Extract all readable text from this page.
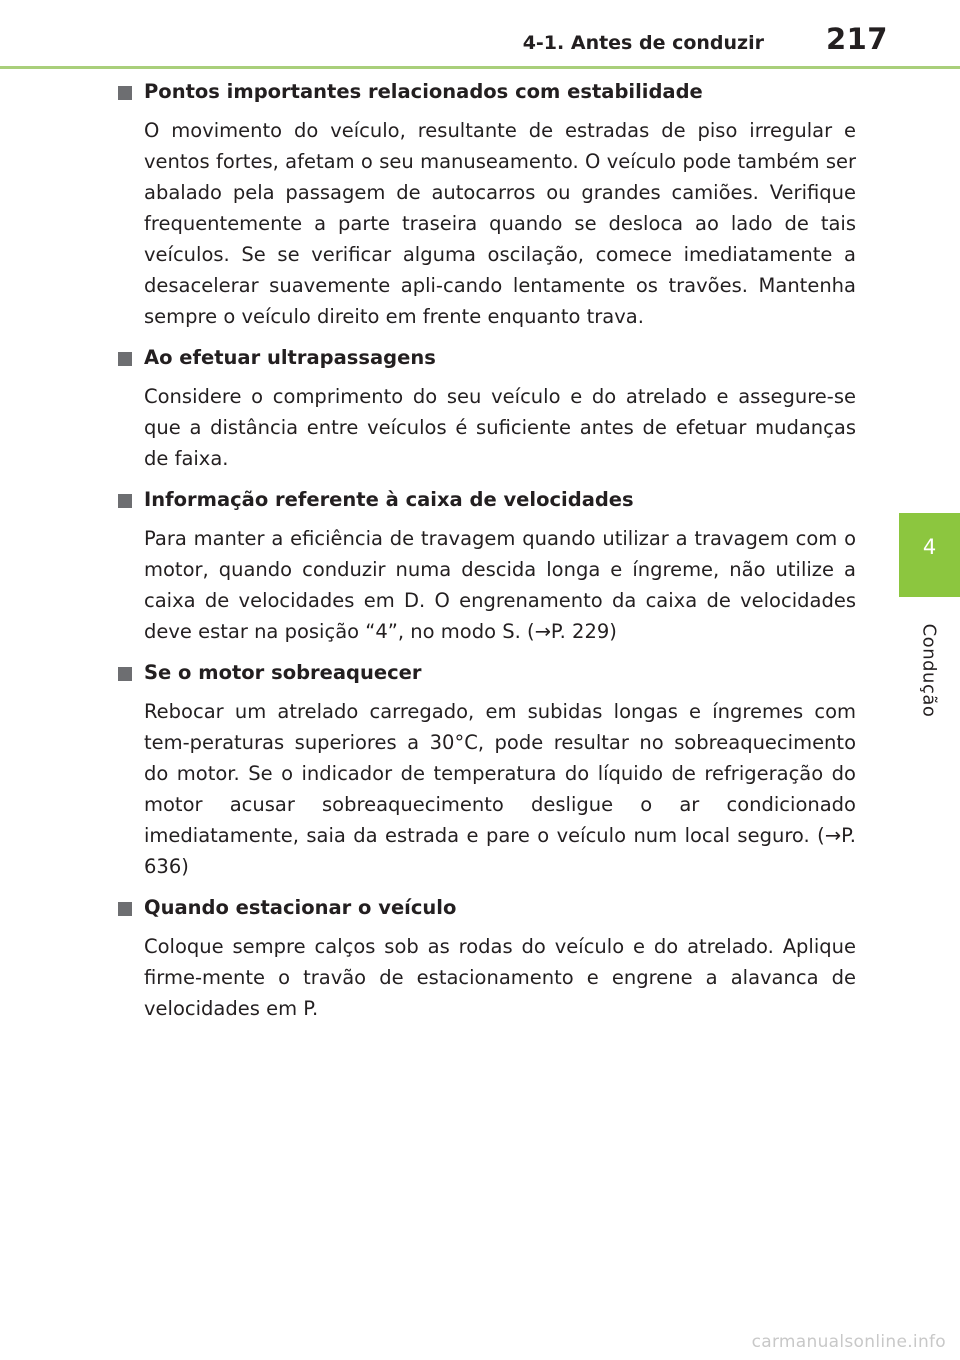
4-1. Antes de conduzir 217
4
Condução
Pontos importantes relacionados com estabilidade
O movimento do veículo, resultante de estradas de piso irregular e ventos fortes, afetam o seu manuseamento. O veículo pode também ser abalado pela passagem de autocarros ou grandes camiões. Verifique frequentemente a parte traseira quando se desloca ao lado de tais veículos. Se se verificar alguma oscilação, comece imediatamente a desacelerar suavemente apli-cando lentamente os travões. Mantenha sempre o veículo direito em frente enquanto trava.
Ao efetuar ultrapassagens
Considere o comprimento do seu veículo e do atrelado e assegure-se que a distância entre veículos é suficiente antes de efetuar mudanças de faixa.
Informação referente à caixa de velocidades
Para manter a eficiência de travagem quando utilizar a travagem com o motor, quando conduzir numa descida longa e íngreme, não utilize a caixa de velocidades em D. O engrenamento da caixa de velocidades deve estar na posição “4”, no modo S. (→P. 229)
Se o motor sobreaquecer
Rebocar um atrelado carregado, em subidas longas e íngremes com tem-peraturas superiores a 30°C, pode resultar no sobreaquecimento do motor. Se o indicador de temperatura do líquido de refrigeração do motor acusar sobreaquecimento desligue o ar condicionado imediatamente, saia da estrada e pare o veículo num local seguro. (→P. 636)
Quando estacionar o veículo
Coloque sempre calços sob as rodas do veículo e do atrelado. Aplique firme-mente o travão de estacionamento e engrene a alavanca de velocidades em P.
carmanualsonline.info
